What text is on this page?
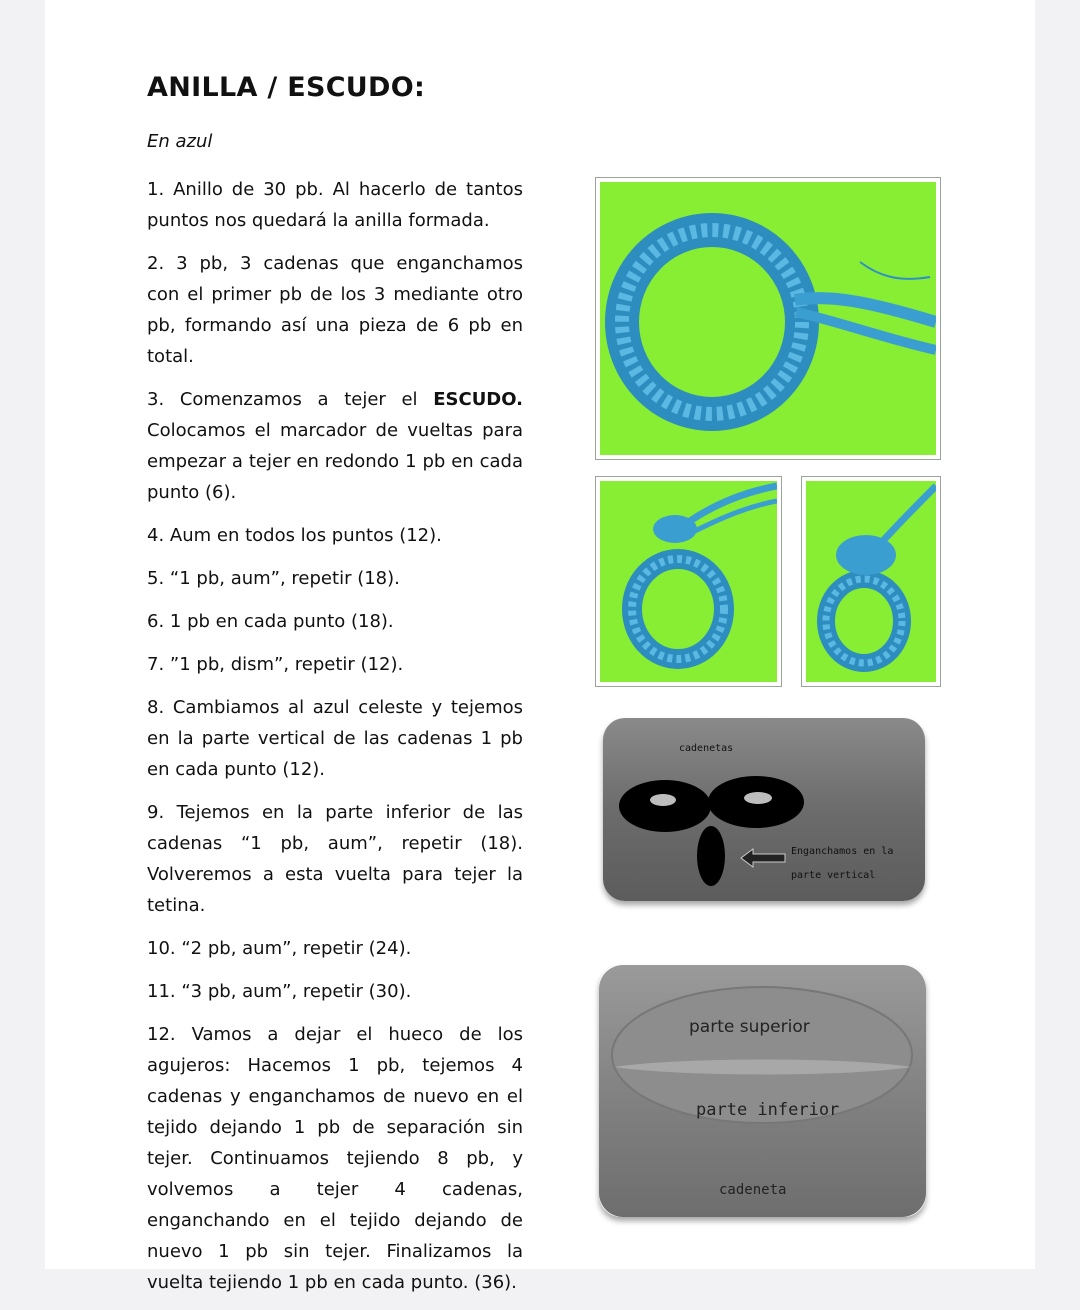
ANILLA / ESCUDO:
En azul

1. Anillo de 30 pb. Al hacerlo de tantos puntos nos quedará la anilla formada.

2. 3 pb, 3 cadenas que enganchamos con el primer pb de los 3 mediante otro pb, formando así una pieza de 6 pb en total.

3. Comenzamos a tejer el ESCUDO. Colocamos el marcador de vueltas para empezar a tejer en redondo 1 pb en cada punto (6).

4. Aum en todos los puntos (12).

5. “1 pb, aum”, repetir (18).

6. 1 pb en cada punto (18).

7. ”1 pb, dism”, repetir (12).

8. Cambiamos al azul celeste y tejemos en la parte vertical de las cadenas 1 pb en cada punto (12).

9. Tejemos en la parte inferior de las cadenas “1 pb, aum”, repetir (18). Volveremos a esta vuelta para tejer la tetina.

10. “2 pb, aum”, repetir (24).

11. “3 pb, aum”, repetir (30).

12. Vamos a dejar el hueco de los agujeros: Hacemos 1 pb, tejemos 4 cadenas y enganchamos de nuevo en el tejido dejando 1 pb de separación sin tejer. Continuamos tejiendo 8 pb, y volvemos a tejer 4 cadenas, enganchando en el tejido dejando de nuevo 1 pb sin tejer. Finalizamos la vuelta tejiendo 1 pb en cada punto. (36).

cadenetas
Enganchamos en la
parte vertical
parte superior
parte inferior
cadeneta
